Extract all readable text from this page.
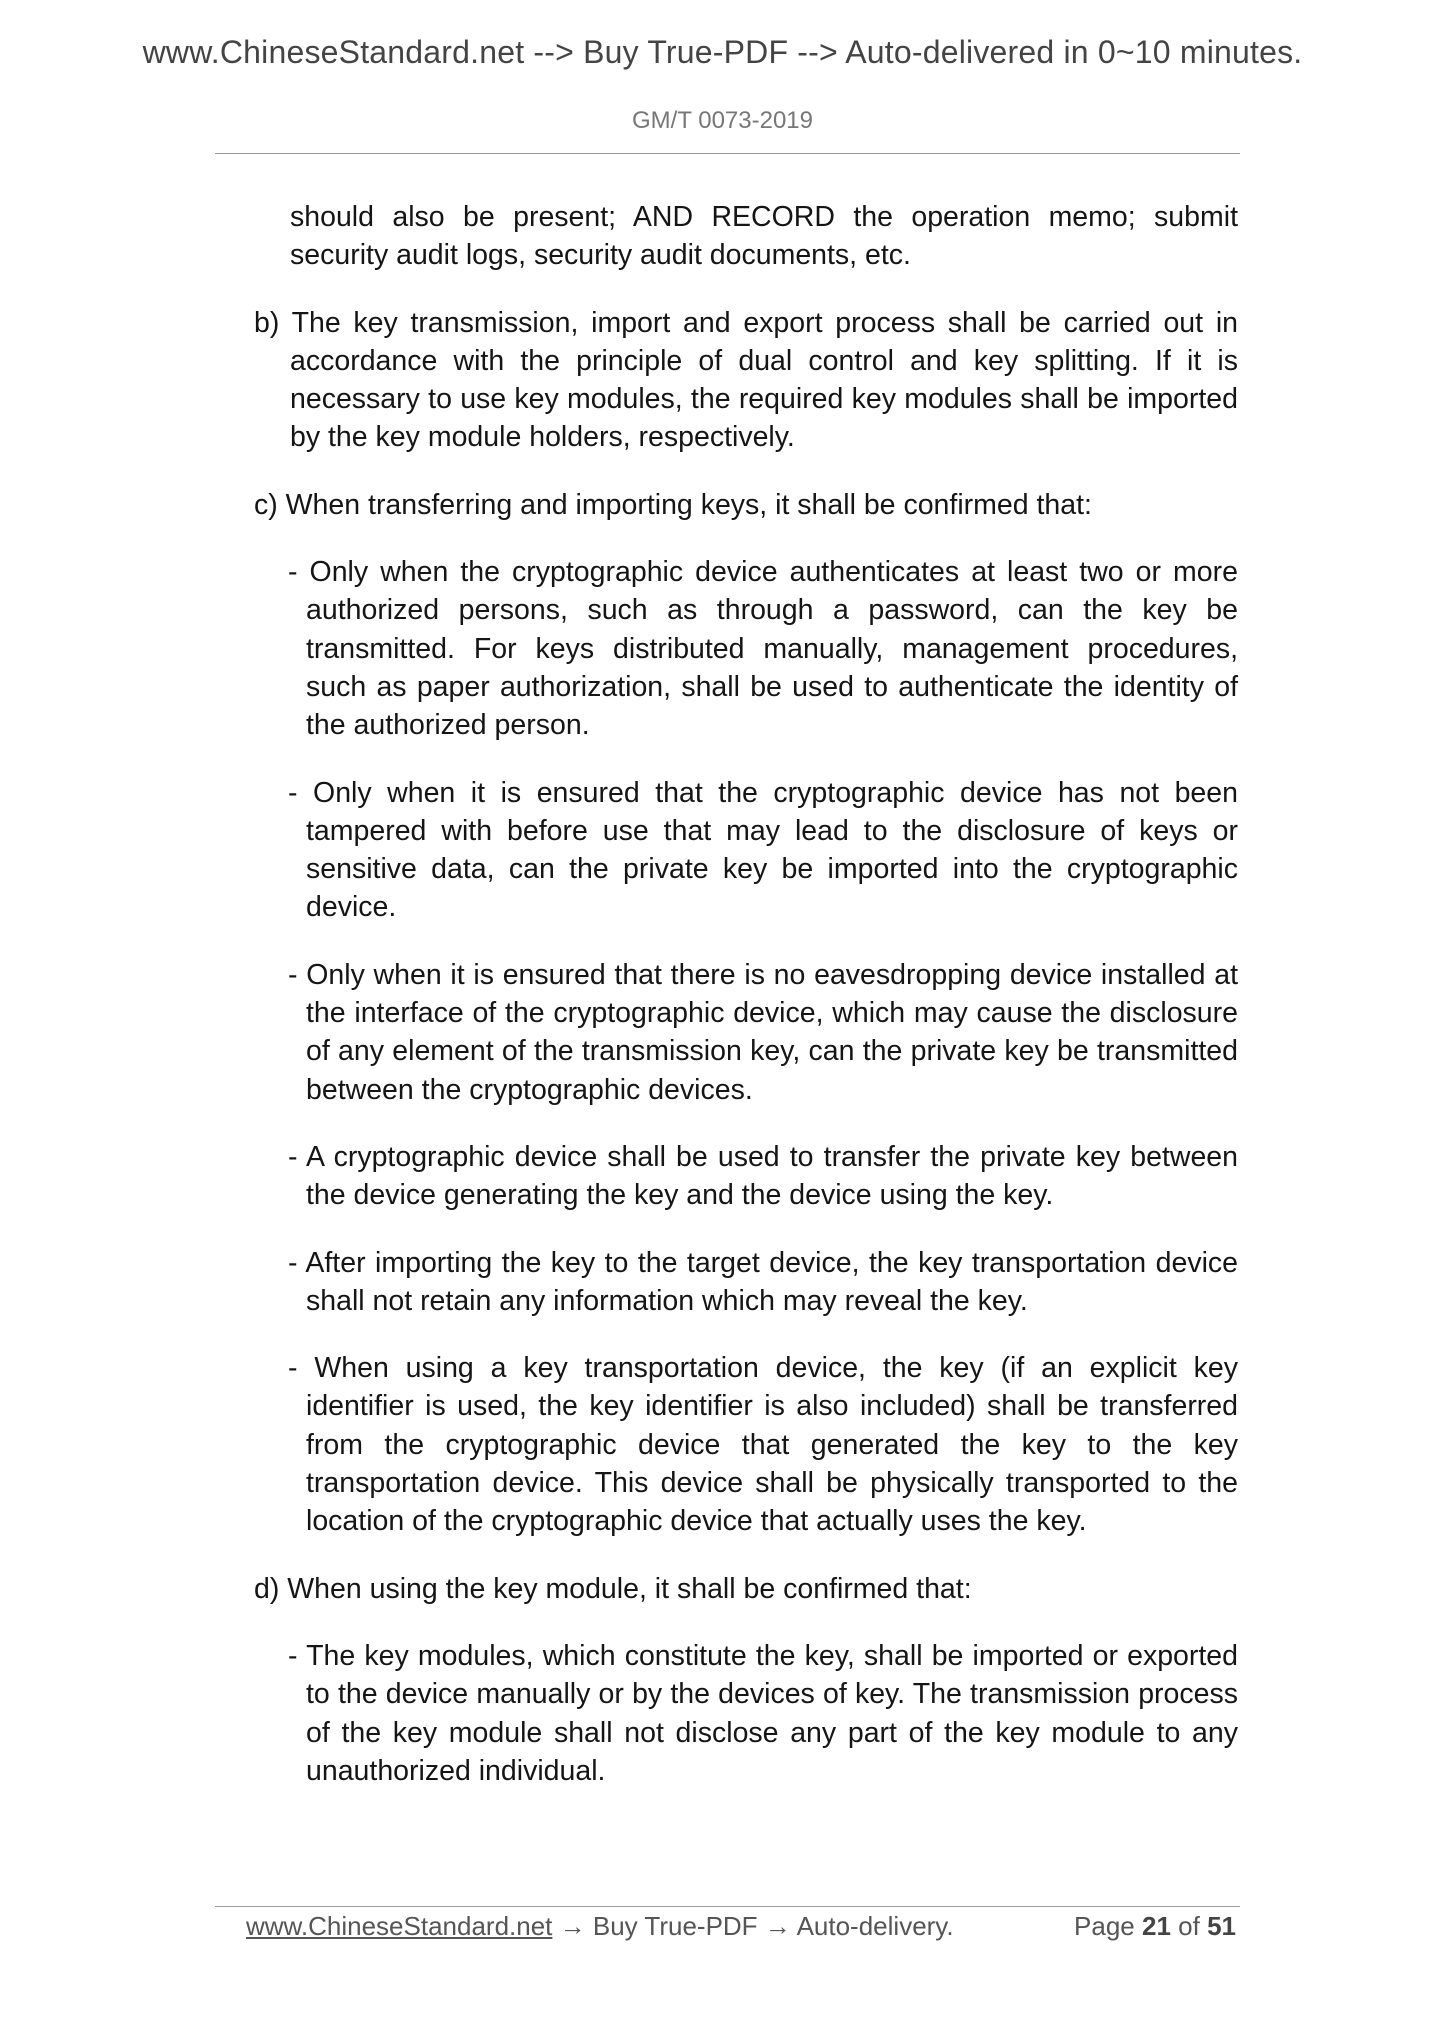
www.ChineseStandard.net --> Buy True-PDF --> Auto-delivered in 0~10 minutes.
GM/T 0073-2019

should also be present; AND RECORD the operation memo; submit security audit logs, security audit documents, etc.

b) The key transmission, import and export process shall be carried out in accordance with the principle of dual control and key splitting. If it is necessary to use key modules, the required key modules shall be imported by the key module holders, respectively.

c) When transferring and importing keys, it shall be confirmed that:

- Only when the cryptographic device authenticates at least two or more authorized persons, such as through a password, can the key be transmitted. For keys distributed manually, management procedures, such as paper authorization, shall be used to authenticate the identity of the authorized person.

- Only when it is ensured that the cryptographic device has not been tampered with before use that may lead to the disclosure of keys or sensitive data, can the private key be imported into the cryptographic device.

- Only when it is ensured that there is no eavesdropping device installed at the interface of the cryptographic device, which may cause the disclosure of any element of the transmission key, can the private key be transmitted between the cryptographic devices.

- A cryptographic device shall be used to transfer the private key between the device generating the key and the device using the key.

- After importing the key to the target device, the key transportation device shall not retain any information which may reveal the key.

- When using a key transportation device, the key (if an explicit key identifier is used, the key identifier is also included) shall be transferred from the cryptographic device that generated the key to the key transportation device. This device shall be physically transported to the location of the cryptographic device that actually uses the key.

d) When using the key module, it shall be confirmed that:

- The key modules, which constitute the key, shall be imported or exported to the device manually or by the devices of key. The transmission process of the key module shall not disclose any part of the key module to any unauthorized individual.

www.ChineseStandard.net → Buy True-PDF → Auto-delivery.	Page 21 of 51
